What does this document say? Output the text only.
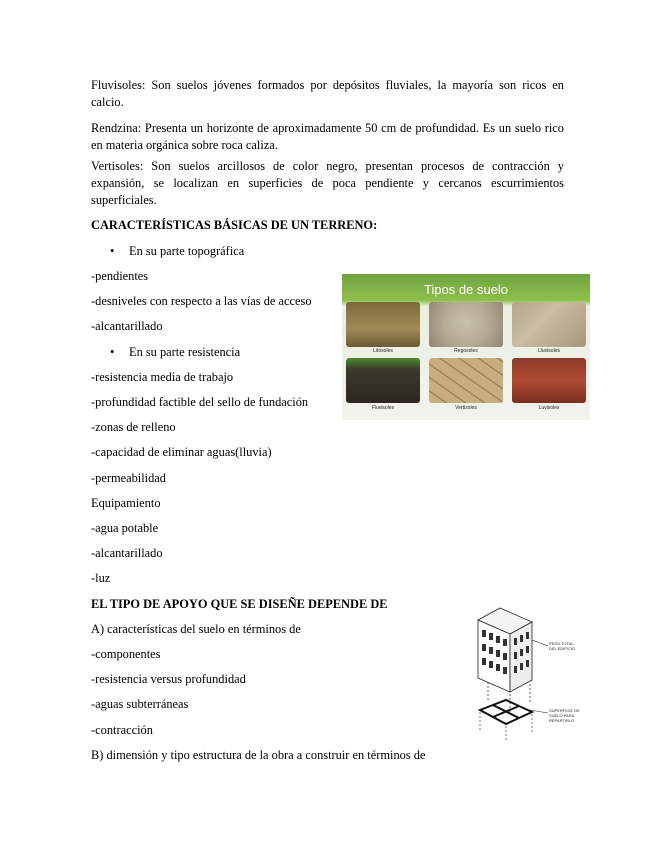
Fluvisoles: Son suelos jóvenes formados por depósitos fluviales, la mayoría son ricos en calcio.

Rendzina: Presenta un horizonte de aproximadamente 50 cm de profundidad. Es un suelo rico en materia orgánica sobre roca caliza.

Vertisoles: Son suelos arcillosos de color negro, presentan procesos de contracción y expansión, se localizan en superficies de poca pendiente y cercanos escurrimientos superficiales.

CARACTERÍSTICAS BÁSICAS DE UN TERRENO:
• En su parte topográfica
-pendientes
-desniveles con respecto a las vías de acceso
-alcantarillado
• En su parte resistencia
-resistencia media de trabajo
-profundidad factible del sello de fundación
-zonas de relleno
-capacidad de eliminar aguas(lluvia)
-permeabilidad
Equipamiento
-agua potable
-alcantarillado
-luz
EL TIPO DE APOYO QUE SE DISEÑE DEPENDE DE
A) características del suelo en términos de
-componentes
-resistencia versus profundidad
-aguas subterráneas
-contracción
B) dimensión y tipo estructura de la obra a construir en términos de
Tipos de suelo
Litosoles	Regosoles	Lluvisoles
Fluvisoles	Vertisoles	Luvisoles
PESO TOTAL DEL EDIFICIO
SUPERFICIE DE SUELO PARA REPARTIRLO
